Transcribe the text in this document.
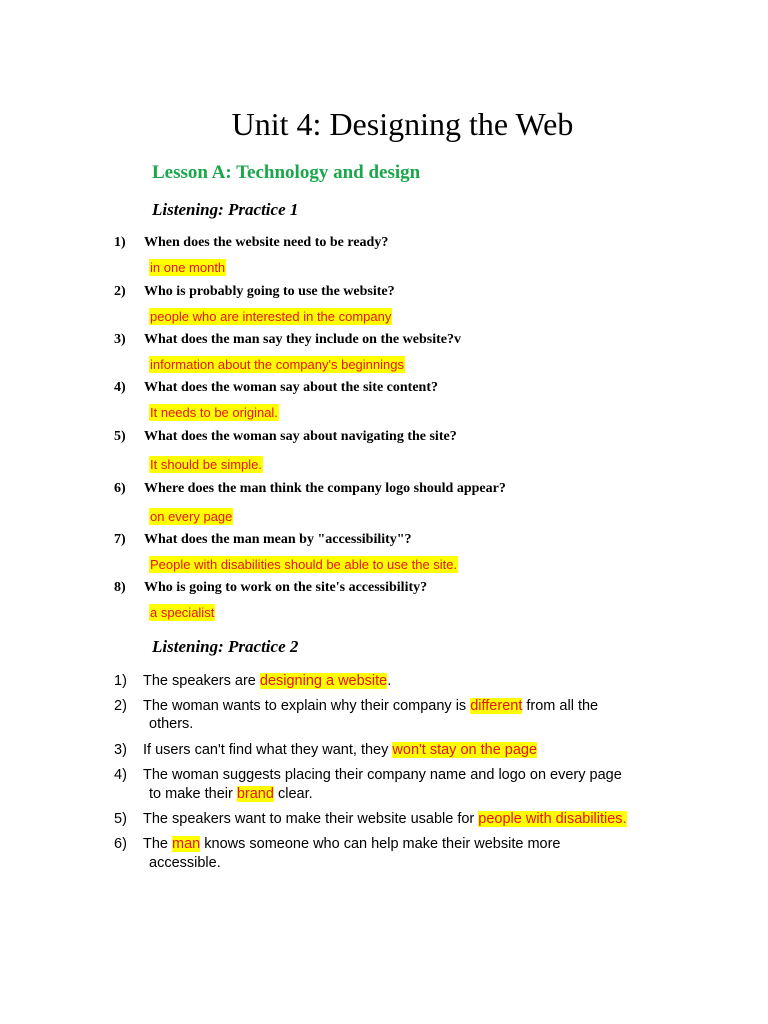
Unit 4: Designing the Web
Lesson A: Technology and design
Listening: Practice 1
1) When does the website need to be ready?
in one month
2) Who is probably going to use the website?
people who are interested in the company
3) What does the man say they include on the website?v
information about the company's beginnings
4) What does the woman say about the site content?
It needs to be original.
5) What does the woman say about navigating the site?
It should be simple.
6) Where does the man think the company logo should appear?
on every page
7) What does the man mean by "accessibility"?
People with disabilities should be able to use the site.
8) Who is going to work on the site's accessibility?
a specialist
Listening: Practice 2
1) The speakers are designing a website.
2) The woman wants to explain why their company is different from all the
others.
3) If users can't find what they want, they won't stay on the page
4) The woman suggests placing their company name and logo on every page
to make their brand clear.
5) The speakers want to make their website usable for people with disabilities.
6) The man knows someone who can help make their website more
accessible.
